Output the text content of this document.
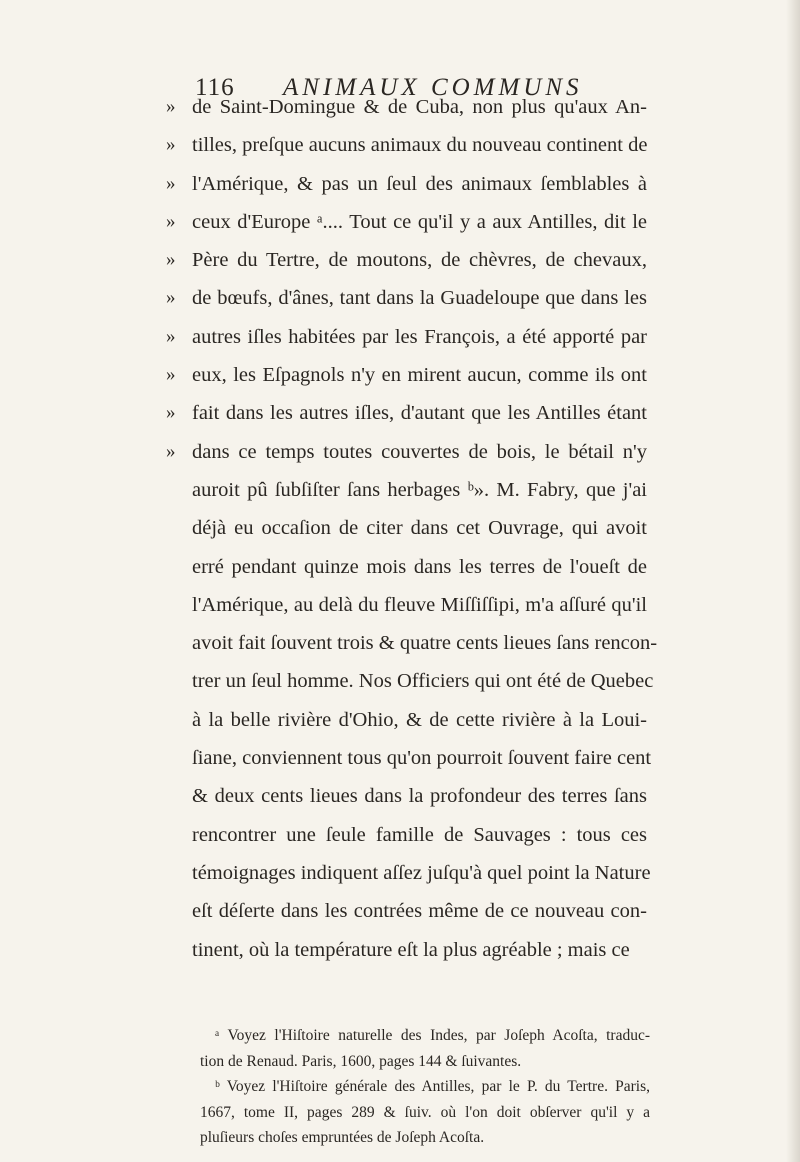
116 ANIMAUX COMMUNS
» de Saint-Domingue & de Cuba, non plus qu'aux An-
» tilles, preſque aucuns animaux du nouveau continent de
» l'Amérique, & pas un ſeul des animaux ſemblables à
» ceux d'Europe ᵃ.... Tout ce qu'il y a aux Antilles, dit le
» Père du Tertre, de moutons, de chèvres, de chevaux,
» de bœufs, d'ânes, tant dans la Guadeloupe que dans les
» autres iſles habitées par les François, a été apporté par
» eux, les Eſpagnols n'y en mirent aucun, comme ils ont
» fait dans les autres iſles, d'autant que les Antilles étant
» dans ce temps toutes couvertes de bois, le bétail n'y
auroit pû ſubſiſter ſans herbages ᵇ». M. Fabry, que j'ai
déjà eu occaſion de citer dans cet Ouvrage, qui avoit
erré pendant quinze mois dans les terres de l'oueſt de
l'Amérique, au delà du fleuve Miſſiſſipi, m'a aſſuré qu'il
avoit fait ſouvent trois & quatre cents lieues ſans rencon-
trer un ſeul homme. Nos Officiers qui ont été de Quebec
à la belle rivière d'Ohio, & de cette rivière à la Loui-
ſiane, conviennent tous qu'on pourroit ſouvent faire cent
& deux cents lieues dans la profondeur des terres ſans
rencontrer une ſeule famille de Sauvages : tous ces
témoignages indiquent aſſez juſqu'à quel point la Nature
eſt déſerte dans les contrées même de ce nouveau con-
tinent, où la température eſt la plus agréable ; mais ce
ᵃ Voyez l'Hiſtoire naturelle des Indes, par Joſeph Acoſta, traduc-
tion de Renaud. Paris, 1600, pages 144 & ſuivantes.
ᵇ Voyez l'Hiſtoire générale des Antilles, par le P. du Tertre. Paris,
1667, tome II, pages 289 & ſuiv. où l'on doit obſerver qu'il y a
pluſieurs choſes empruntées de Joſeph Acoſta.
